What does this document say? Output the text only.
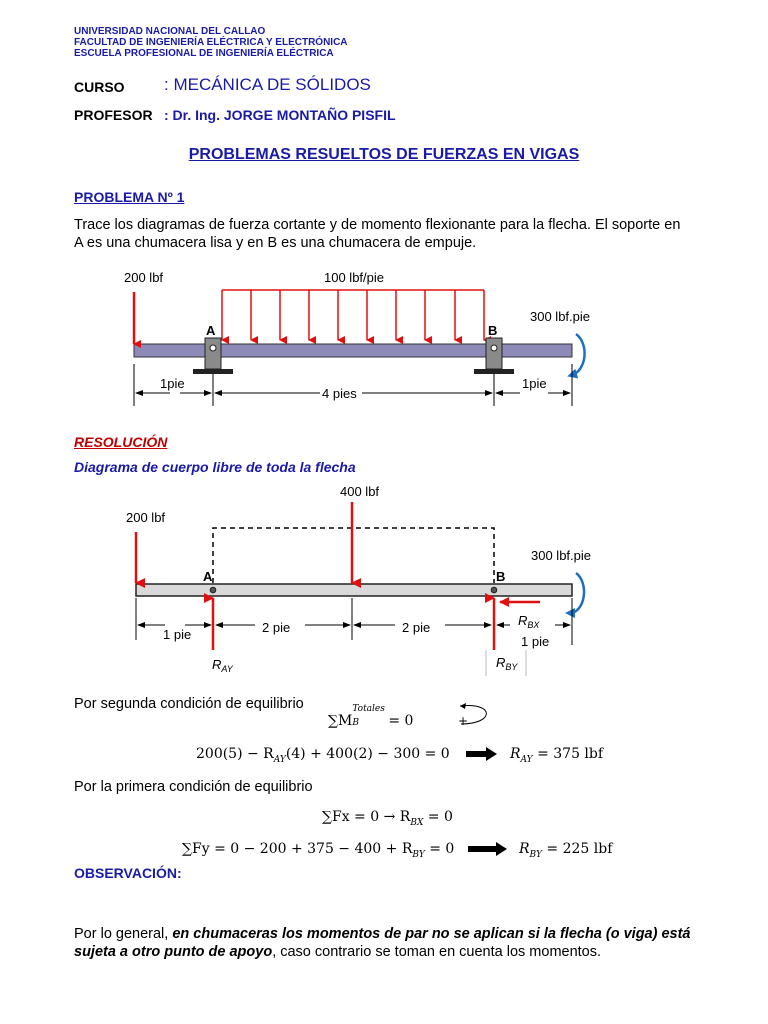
UNIVERSIDAD NACIONAL DEL CALLAO
FACULTAD DE INGENIERÍA ELÉCTRICA Y ELECTRÓNICA
ESCUELA PROFESIONAL DE INGENIERÍA ELÉCTRICA
CURSO : MECÁNICA DE SÓLIDOS
PROFESOR : Dr. Ing. JORGE MONTAÑO PISFIL
PROBLEMAS RESUELTOS DE FUERZAS EN VIGAS
PROBLEMA Nº 1
Trace los diagramas de fuerza cortante y de momento flexionante para la flecha. El soporte en
A es una chumacera lisa y en B es una chumacera de empuje.
200 lbf	100 lbf/pie
A	B
300 lbf.pie
1pie
4 pies
1pie
RESOLUCIÓN
Diagrama de cuerpo libre de toda la flecha
200 lbf
400 lbf
A	B
300 lbf.pie
$R_{BX}$
$R_{AY}$	$R_{BY}$
1 pie	2 pie	2 pie
1 pie
Por segunda condición de equilibrio
∑M
Totales
B = 0	+
$200(5) - R_{AY}(4) + 400(2) - 300 = 0$	$R_{AY} = 375$ lbf
Por la primera condición de equilibrio
$\sum Fx = 0 \to R_{BX} = 0$
$\sum Fy = 0 - 200 + 375 - 400 + R_{BY} = 0$	$R_{BY} = 225$ lbf
OBSERVACIÓN:
Por lo general, en chumaceras los momentos de par no se aplican si la flecha (o viga) está
sujeta a otro punto de apoyo, caso contrario se toman en cuenta los momentos.
